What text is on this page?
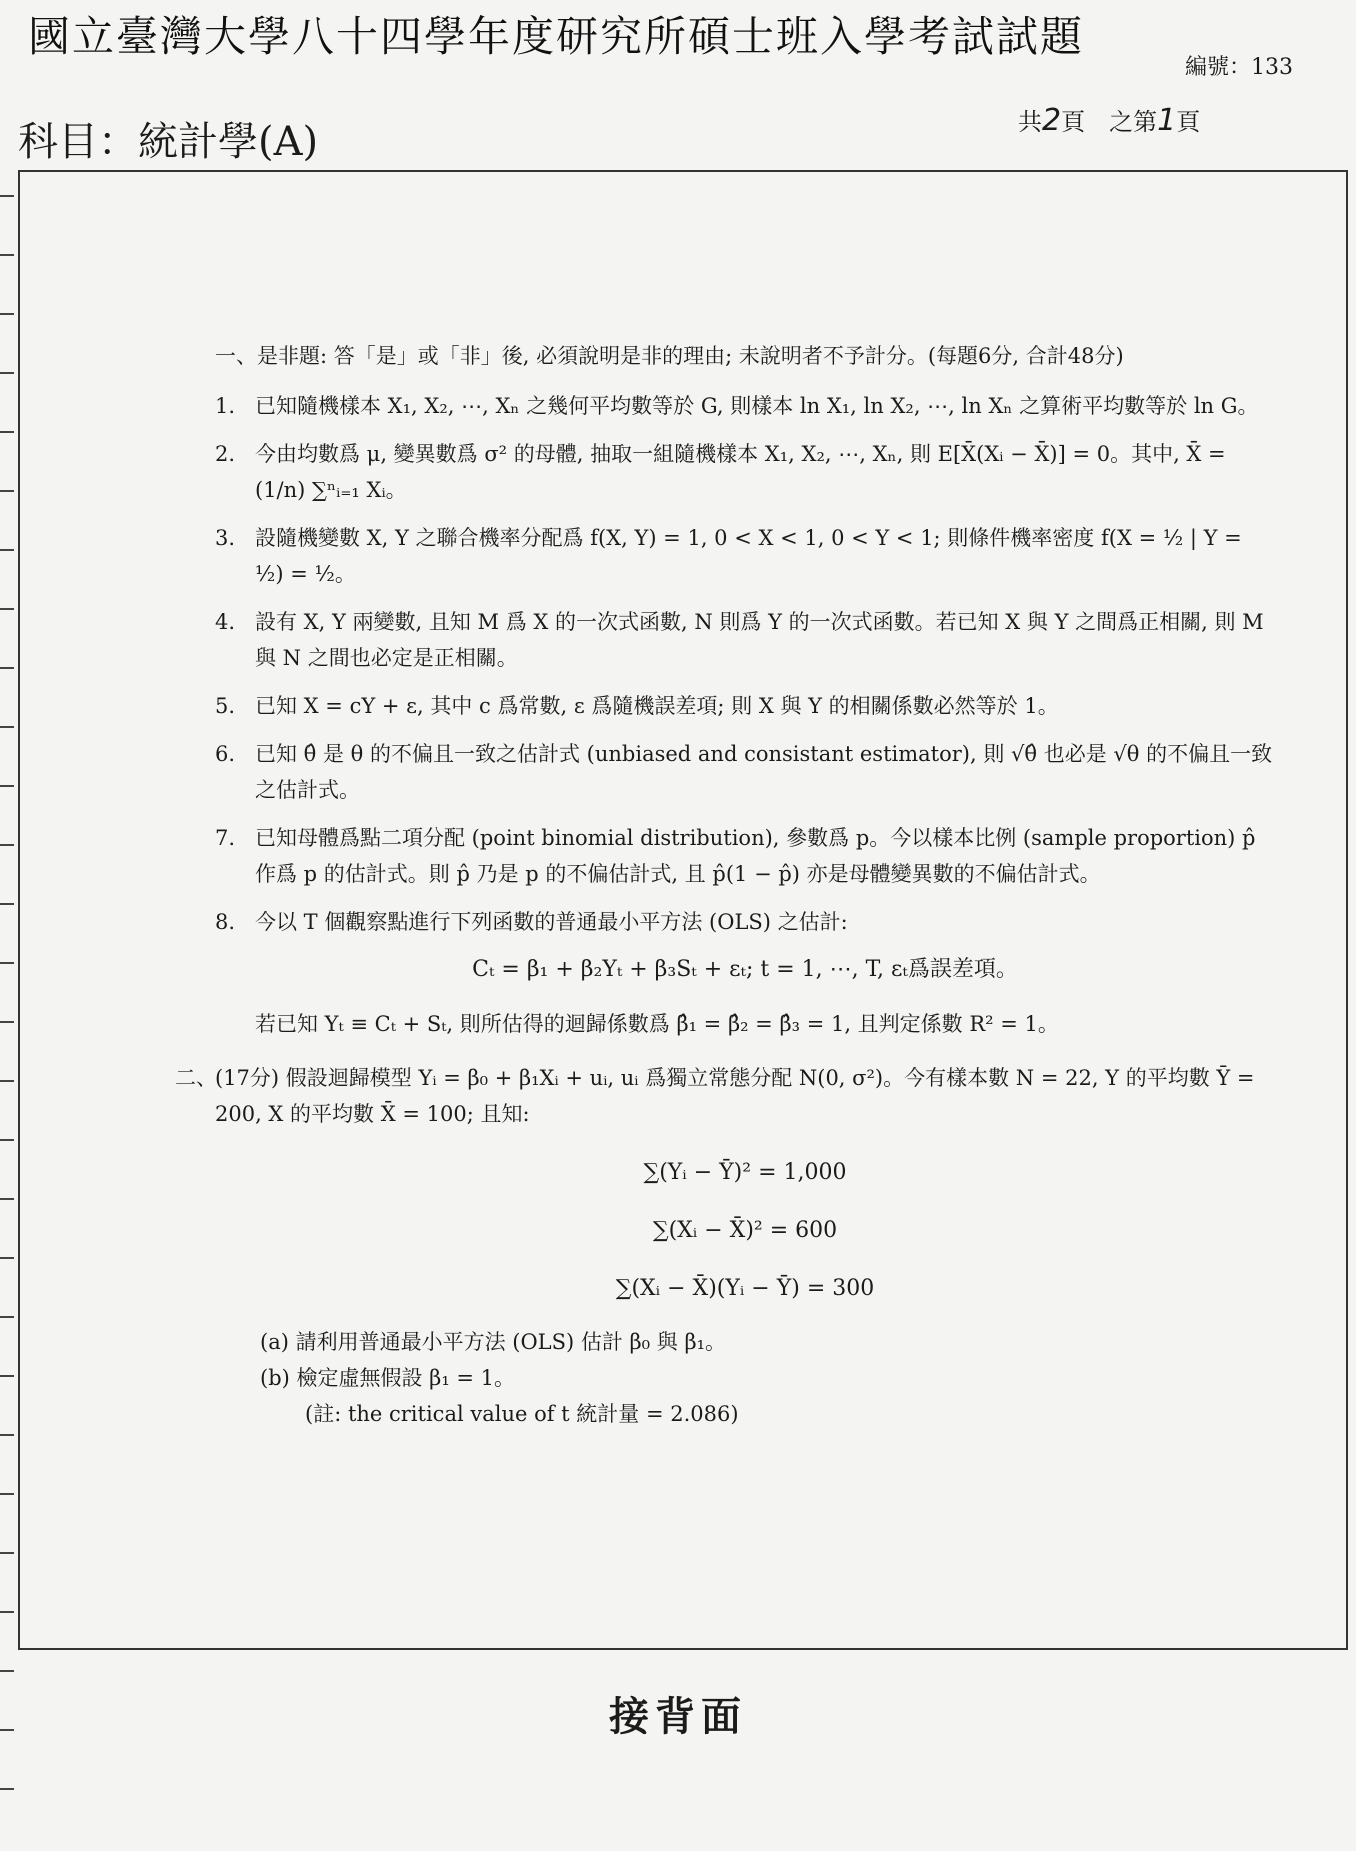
國立臺灣大學八十四學年度研究所碩士班入學考試試題
編號：133
科目：統計學(A)	共2頁　之第1頁
一、是非題: 答「是」或「非」後, 必須說明是非的理由; 未說明者不予計分。(每題6分, 合計48分)
1. 已知隨機樣本 X₁, X₂, ⋯, Xₙ 之幾何平均數等於 G, 則樣本 ln X₁, ln X₂, ⋯, ln Xₙ 之算術平均數等於 ln G。
2. 今由均數爲 μ, 變異數爲 σ² 的母體, 抽取一組隨機樣本 X₁, X₂, ⋯, Xₙ, 則 E[X̄(Xᵢ − X̄)] = 0。其中, X̄ = (1/n) ∑ⁿᵢ₌₁ Xᵢ。
3. 設隨機變數 X, Y 之聯合機率分配爲 f(X, Y) = 1, 0 < X < 1, 0 < Y < 1; 則條件機率密度 f(X = ½ | Y = ½) = ½。
4. 設有 X, Y 兩變數, 且知 M 爲 X 的一次式函數, N 則爲 Y 的一次式函數。若已知 X 與 Y 之間爲正相關, 則 M 與 N 之間也必定是正相關。
5. 已知 X = cY + ε, 其中 c 爲常數, ε 爲隨機誤差項; 則 X 與 Y 的相關係數必然等於 1。
6. 已知 θ̂ 是 θ 的不偏且一致之估計式 (unbiased and consistant estimator), 則 √θ̂ 也必是 √θ 的不偏且一致之估計式。
7. 已知母體爲點二項分配 (point binomial distribution), 參數爲 p。今以樣本比例 (sample proportion) p̂ 作爲 p 的估計式。則 p̂ 乃是 p 的不偏估計式, 且 p̂(1 − p̂) 亦是母體變異數的不偏估計式。
8. 今以 T 個觀察點進行下列函數的普通最小平方法 (OLS) 之估計:
Cₜ = β₁ + β₂Yₜ + β₃Sₜ + εₜ; t = 1, ⋯, T, εₜ爲誤差項。
若已知 Yₜ ≡ Cₜ + Sₜ, 則所估得的迴歸係數爲 β̂₁ = β̂₂ = β̂₃ = 1, 且判定係數 R² = 1。
二、
(17分) 假設迴歸模型 Yᵢ = β₀ + β₁Xᵢ + uᵢ, uᵢ 爲獨立常態分配 N(0, σ²)。今有樣本數 N = 22, Y 的平均數 Ȳ = 200, X 的平均數 X̄ = 100; 且知:
∑(Yᵢ − Ȳ)² = 1,000
∑(Xᵢ − X̄)² = 600
∑(Xᵢ − X̄)(Yᵢ − Ȳ) = 300
(a) 請利用普通最小平方法 (OLS) 估計 β₀ 與 β₁。
(b) 檢定虛無假設 β₁ = 1。
(註: the critical value of t 統計量 = 2.086)
接背面
